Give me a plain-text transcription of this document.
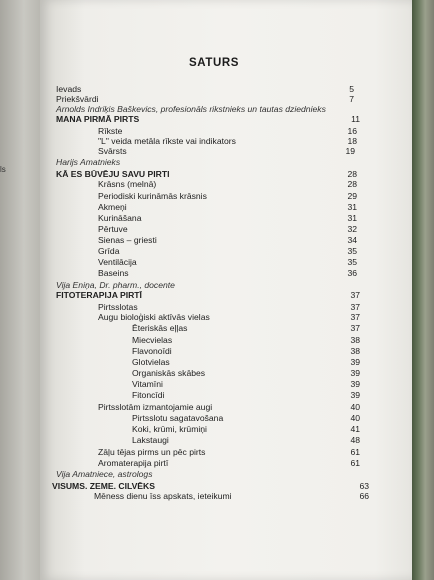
ls
SATURS
Ievads	5
Priekšvārdi	7
Arnolds Indriķis Baškevics, profesionāls rikstnieks un tautas dziednieks
MANA PIRMĀ PIRTS	11
Rīkste	16
"L" veida metāla rīkste vai indikators	18
Svārsts	19
Harijs Amatnieks
KĀ ES BŪVĒJU SAVU PIRTI	28
Krāsns (melnā)	28
Periodiski kurināmās krāsnis	29
Akmeņi	31
Kurināšana	31
Pērtuve	32
Sienas – griesti	34
Grīda	35
Ventilācija	35
Baseins	36
Vija Eniņa, Dr. pharm., docente
FITOTERAPIJA PIRTĪ	37
Pirtsslotas	37
Augu bioloģiski aktīvās vielas	37
Ēteriskās eļļas	37
Miecvielas	38
Flavonoīdi	38
Glotvielas	39
Organiskās skābes	39
Vitamīni	39
Fitoncīdi	39
Pirtsslotām izmantojamie augi	40
Pirtsslotu sagatavošana	40
Koki, krūmi, krūmiņi	41
Lakstaugi	48
Zāļu tējas pirms un pēc pirts	61
Aromaterapija pirtī	61
Vija Amatniece, astrologs
VISUMS. ZEME. CILVĒKS	63
Mēness dienu īss apskats, ieteikumi	66
